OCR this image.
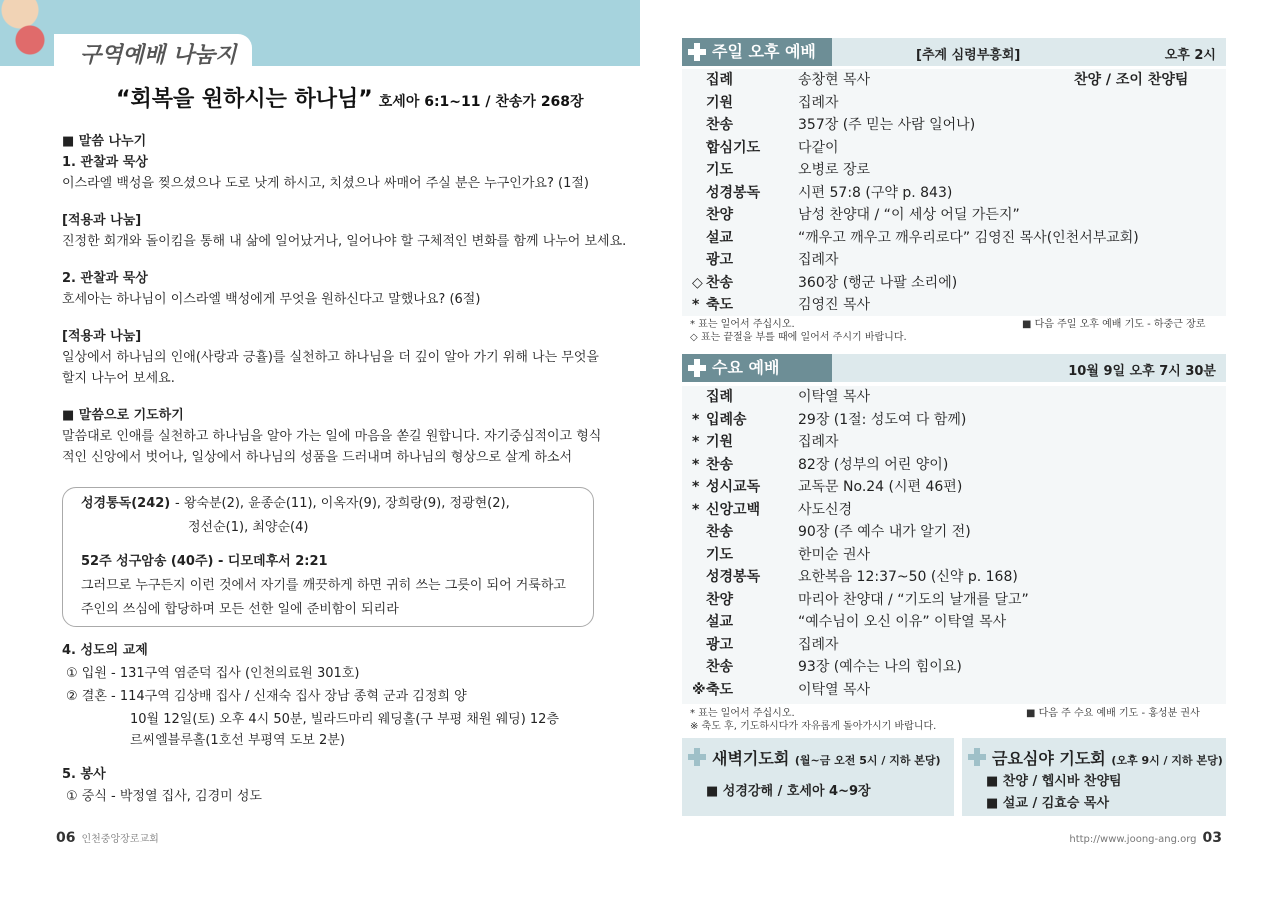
구역예배 나눔지
“회복을 원하시는 하나님” 호세아 6:1~11 / 찬송가 268장
■ 말씀 나누기
1. 관찰과 묵상
이스라엘 백성을 찢으셨으나 도로 낫게 하시고, 치셨으나 싸매어 주실 분은 누구인가요? (1절)
[적용과 나눔]
진정한 회개와 돌이킴을 통해 내 삶에 일어났거나, 일어나야 할 구체적인 변화를 함께 나누어 보세요.
2. 관찰과 묵상
호세아는 하나님이 이스라엘 백성에게 무엇을 원하신다고 말했나요? (6절)
[적용과 나눔]
일상에서 하나님의 인애(사랑과 긍휼)를 실천하고 하나님을 더 깊이 알아 가기 위해 나는 무엇을
할지 나누어 보세요.
■ 말씀으로 기도하기
말씀대로 인애를 실천하고 하나님을 알아 가는 일에 마음을 쏟길 원합니다. 자기중심적이고 형식
적인 신앙에서 벗어나, 일상에서 하나님의 성품을 드러내며 하나님의 형상으로 살게 하소서
성경통독(242) - 왕숙분(2), 윤종순(11), 이옥자(9), 장희랑(9), 정광현(2),
정선순(1), 최양순(4)
52주 성구암송 (40주) - 디모데후서 2:21
그러므로 누구든지 이런 것에서 자기를 깨끗하게 하면 귀히 쓰는 그릇이 되어 거룩하고
주인의 쓰심에 합당하며 모든 선한 일에 준비함이 되리라
4. 성도의 교제
① 입원 - 131구역 염준덕 집사 (인천의료원 301호)
② 결혼 - 114구역 김상배 집사 / 신재숙 집사 장남 종혁 군과 김정희 양
10월 12일(토) 오후 4시 50분, 빌라드마리 웨딩홀(구 부평 채원 웨딩) 12층
르씨엘블루홀(1호선 부평역 도보 2분)
5. 봉사
① 중식 - 박정열 집사, 김경미 성도
06 인천중앙장로교회
주일 오후 예배	[추계 심령부흥회]	오후 2시
집례	송창현 목사	찬양 / 조이 찬양팀
기원	집례자
찬송	357장 (주 믿는 사람 일어나)
합심기도	다같이
기도	오병로 장로
성경봉독	시편 57:8 (구약 p. 843)
찬양	남성 찬양대 / “이 세상 어딜 가든지”
설교	“깨우고 깨우고 깨우리로다” 김영진 목사(인천서부교회)
광고	집례자
◇ 찬송	360장 (행군 나팔 소리에)
* 축도	김영진 목사
* 표는 일어서 주십시오.
◇ 표는 끝절을 부를 때에 일어서 주시기 바랍니다.
■ 다음 주일 오후 예배 기도 - 하중근 장로
수요 예배	10월 9일 오후 7시 30분
집례	이탁열 목사
* 입례송	29장 (1절: 성도여 다 함께)
* 기원	집례자
* 찬송	82장 (성부의 어린 양이)
* 성시교독	교독문 No.24 (시편 46편)
* 신앙고백	사도신경
찬송	90장 (주 예수 내가 알기 전)
기도	한미순 권사
성경봉독	요한복음 12:37~50 (신약 p. 168)
찬양	마리아 찬양대 / “기도의 날개를 달고”
설교	“예수님이 오신 이유” 이탁열 목사
광고	집례자
찬송	93장 (예수는 나의 힘이요)
※ 축도	이탁열 목사
* 표는 일어서 주십시오.
※ 축도 후, 기도하시다가 자유롭게 돌아가시기 바랍니다.
■ 다음 주 수요 예배 기도 - 홍성분 권사
새벽기도회 (월~금 오전 5시 / 지하 본당)
■ 성경강해 / 호세아 4~9장
금요심야 기도회 (오후 9시 / 지하 본당)
■ 찬양 / 헵시바 찬양팀
■ 설교 / 김효승 목사
http://www.joong-ang.org 03
